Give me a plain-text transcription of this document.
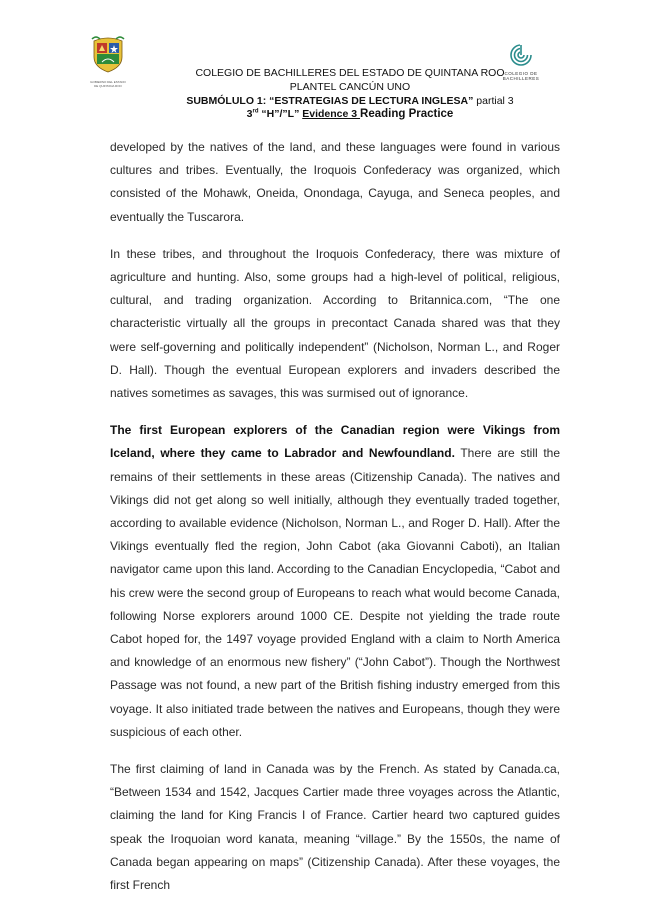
GOBIERNO DEL ESTADO DE QUINTANA ROO
COLEGIO DE
BACHILLERES
COLEGIO DE BACHILLERES DEL ESTADO DE QUINTANA ROO
PLANTEL CANCÚN UNO
SUBMÓLULO 1: “ESTRATEGIAS DE LECTURA INGLESA” partial 3
3rd “H”/”L” Evidence 3 Reading Practice

developed by the natives of the land, and these languages were found in various cultures and tribes. Eventually, the Iroquois Confederacy was organized, which consisted of the Mohawk, Oneida, Onondaga, Cayuga, and Seneca peoples, and eventually the Tuscarora.

In these tribes, and throughout the Iroquois Confederacy, there was mixture of agriculture and hunting. Also, some groups had a high-level of political, religious, cultural, and trading organization. According to Britannica.com, “The one characteristic virtually all the groups in precontact Canada shared was that they were self-governing and politically independent” (Nicholson, Norman L., and Roger D. Hall). Though the eventual European explorers and invaders described the natives sometimes as savages, this was surmised out of ignorance.

The first European explorers of the Canadian region were Vikings from Iceland, where they came to Labrador and Newfoundland. There are still the remains of their settlements in these areas (Citizenship Canada). The natives and Vikings did not get along so well initially, although they eventually traded together, according to available evidence (Nicholson, Norman L., and Roger D. Hall). After the Vikings eventually fled the region, John Cabot (aka Giovanni Caboti), an Italian navigator came upon this land. According to the Canadian Encyclopedia, “Cabot and his crew were the second group of Europeans to reach what would become Canada, following Norse explorers around 1000 CE. Despite not yielding the trade route Cabot hoped for, the 1497 voyage provided England with a claim to North America and knowledge of an enormous new fishery” (“John Cabot”). Though the Northwest Passage was not found, a new part of the British fishing industry emerged from this voyage. It also initiated trade between the natives and Europeans, though they were suspicious of each other.

The first claiming of land in Canada was by the French. As stated by Canada.ca, “Between 1534 and 1542, Jacques Cartier made three voyages across the Atlantic, claiming the land for King Francis I of France. Cartier heard two captured guides speak the Iroquoian word kanata, meaning “village.” By the 1550s, the name of Canada began appearing on maps” (Citizenship Canada). After these voyages, the first French
